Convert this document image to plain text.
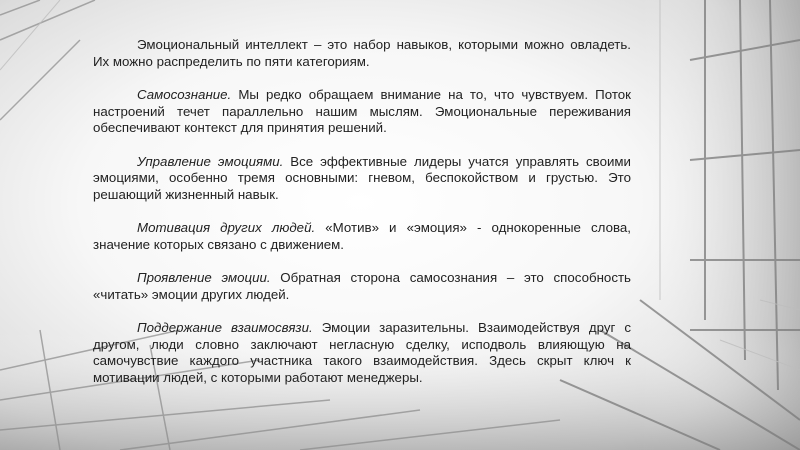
Эмоциональный интеллект – это набор навыков, которыми можно овладеть. Их можно распределить по пяти категориям.

Самосознание. Мы редко обращаем внимание на то, что чувствуем. Поток настроений течет параллельно нашим мыслям. Эмоциональные переживания обеспечивают контекст для принятия решений.

Управление эмоциями. Все эффективные лидеры учатся управлять своими эмоциями, особенно тремя основными: гневом, беспокойством и грустью. Это решающий жизненный навык.

Мотивация других людей. «Мотив» и «эмоция» - однокоренные слова, значение которых связано с движением.

Проявление эмоции. Обратная сторона самосознания – это способность «читать» эмоции других людей.

Поддержание взаимосвязи. Эмоции заразительны. Взаимодействуя друг с другом, люди словно заключают негласную сделку, исподволь влияющую на самочувствие каждого участника такого взаимодействия. Здесь скрыт ключ к мотивации людей, с которыми работают менеджеры.
